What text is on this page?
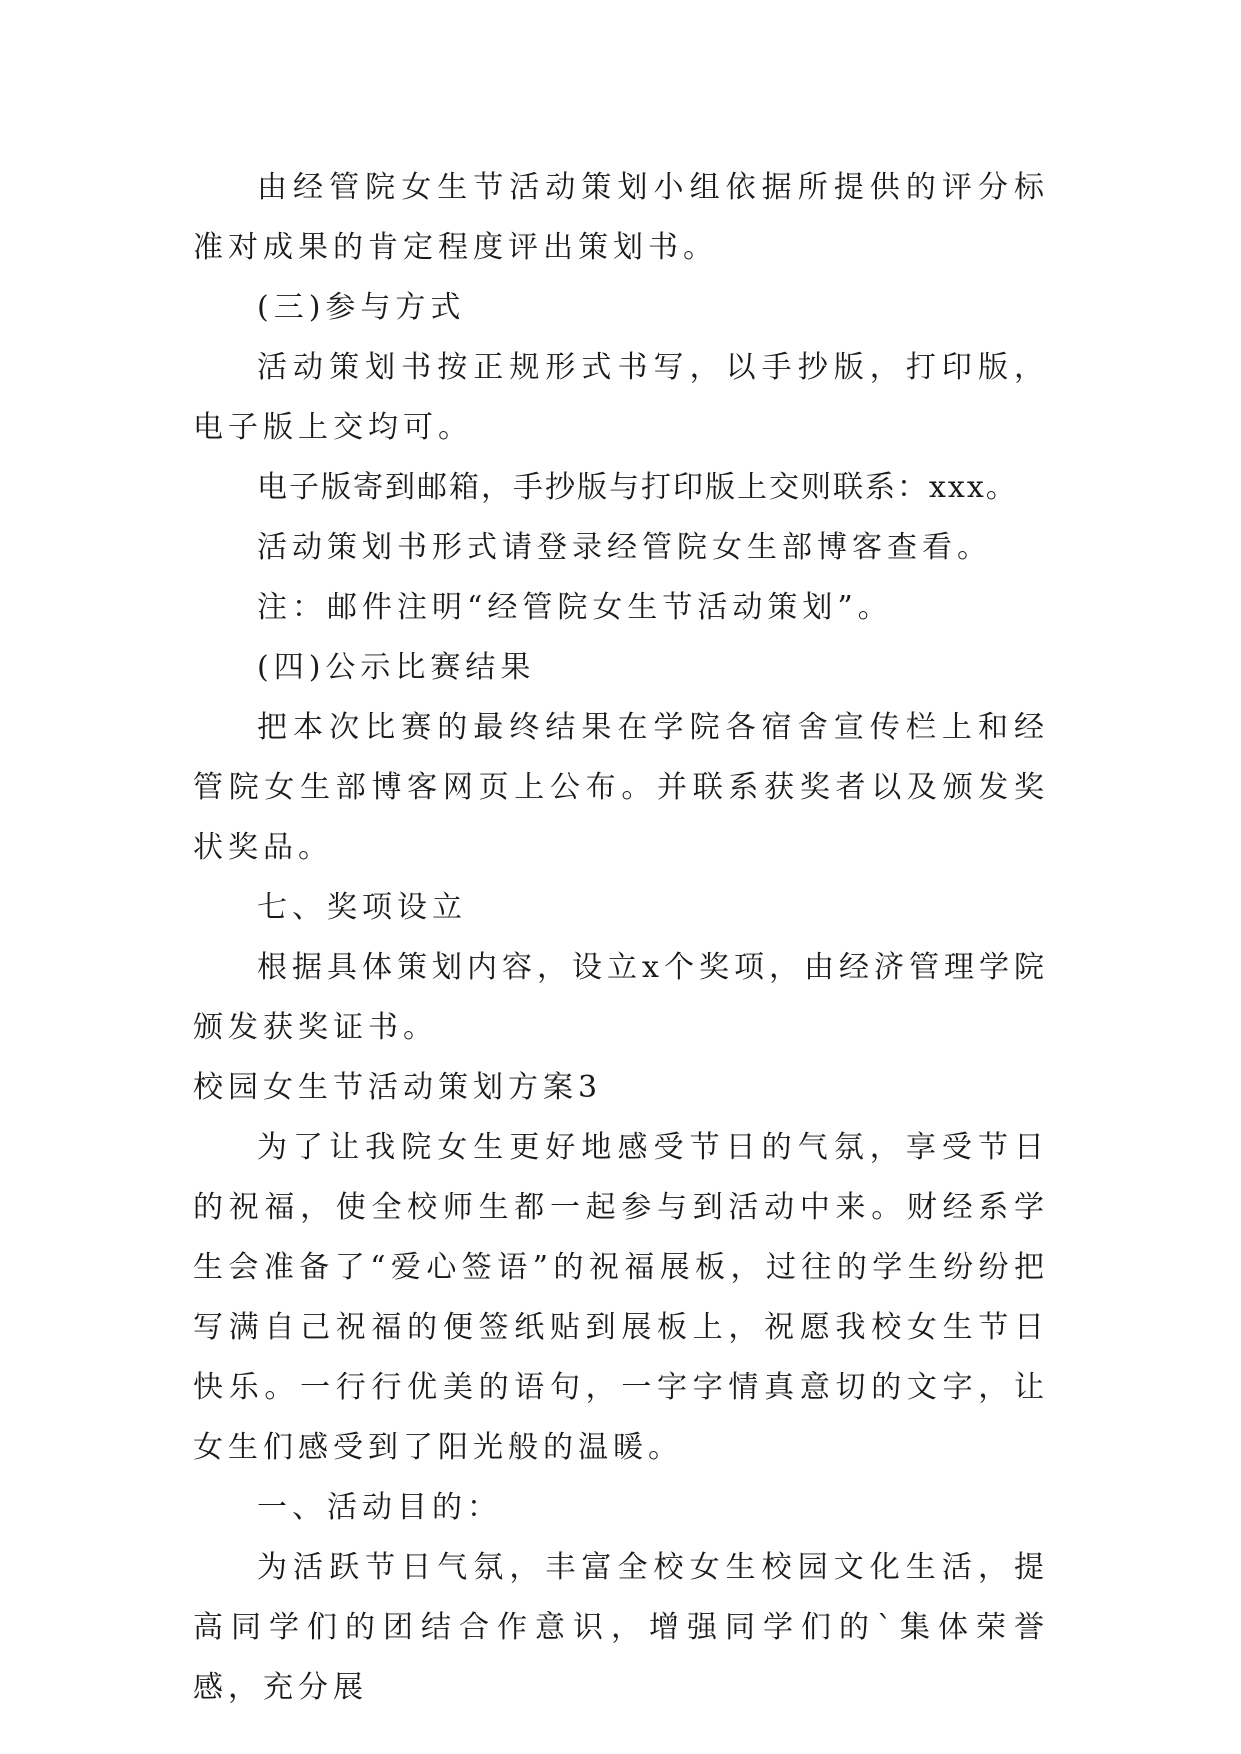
由经管院女生节活动策划小组依据所提供的评分标准对成果的肯定程度评出策划书。

(三)参与方式

活动策划书按正规形式书写，以手抄版，打印版，电子版上交均可。

电子版寄到邮箱，手抄版与打印版上交则联系：xxx。

活动策划书形式请登录经管院女生部博客查看。

注：邮件注明“经管院女生节活动策划”。

(四)公示比赛结果

把本次比赛的最终结果在学院各宿舍宣传栏上和经管院女生部博客网页上公布。并联系获奖者以及颁发奖状奖品。

七、奖项设立

根据具体策划内容，设立x个奖项，由经济管理学院颁发获奖证书。

校园女生节活动策划方案3

为了让我院女生更好地感受节日的气氛，享受节日的祝福，使全校师生都一起参与到活动中来。财经系学生会准备了“爱心签语”的祝福展板，过往的学生纷纷把写满自己祝福的便签纸贴到展板上，祝愿我校女生节日快乐。一行行优美的语句，一字字情真意切的文字，让女生们感受到了阳光般的温暖。

一、活动目的：

为活跃节日气氛，丰富全校女生校园文化生活，提高同学们的团结合作意识，增强同学们的`集体荣誉感，充分展
